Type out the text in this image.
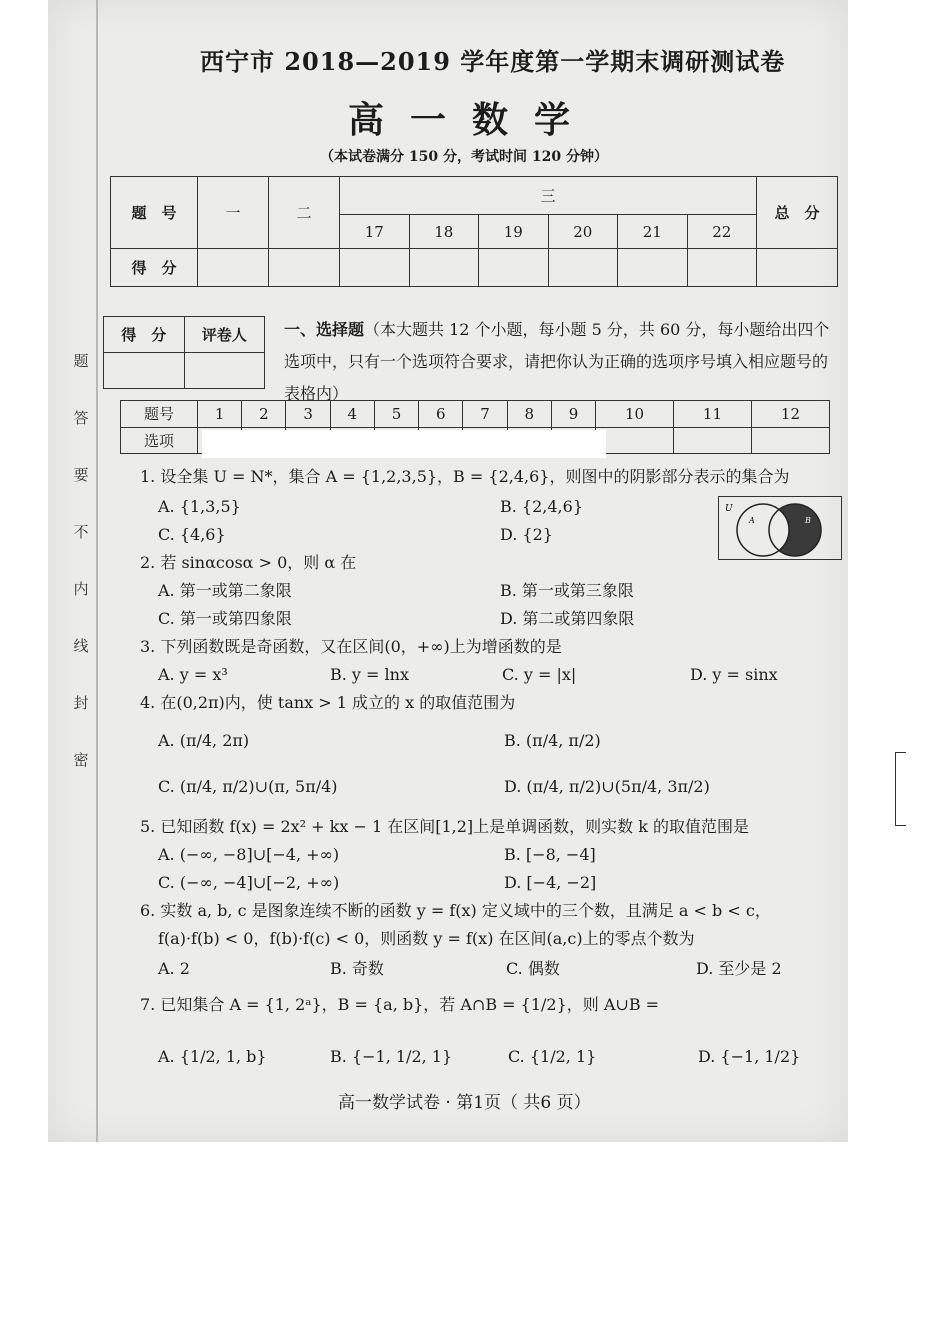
题
答
要
不
内
线
封
密
西宁市 2018—2019 学年度第一学期末调研测试卷
高一数学
（本试卷满分 150 分，考试时间 120 分钟）
题　号	一	二	三						总　分
			17	18	19	20	21	22	
得　分									
得　分	评卷人
	一、选择题（本大题共 12 个小题，每小题 5 分，共 60 分，每小题给出四个选项中，只有一个选项符合要求，请把你认为正确的选项序号填入相应题号的表格内）
题号	1	2	3	4	5	6	7	8	9	10	11	12
选项												
1. 设全集 U = N*，集合 A = {1,2,3,5}，B = {2,4,6}，则图中的阴影部分表示的集合为
A. {1,3,5}	B. {2,4,6}
C. {4,6}	D. {2}
U
A	B
2. 若 sinαcosα > 0，则 α 在
A. 第一或第二象限	B. 第一或第三象限
C. 第一或第四象限	D. 第二或第四象限
3. 下列函数既是奇函数，又在区间(0，+∞)上为增函数的是
A. y = x³	B. y = lnx	C. y = |x|	D. y = sinx
4. 在(0,2π)内，使 tanx > 1 成立的 x 的取值范围为
A. (π/4, 2π)	B. (π/4, π/2)
C. (π/4, π/2)∪(π, 5π/4)	D. (π/4, π/2)∪(5π/4, 3π/2)
5. 已知函数 f(x) = 2x² + kx − 1 在区间[1,2]上是单调函数，则实数 k 的取值范围是
A. (−∞, −8]∪[−4, +∞)	B. [−8, −4]
C. (−∞, −4]∪[−2, +∞)	D. [−4, −2]
6. 实数 a, b, c 是图象连续不断的函数 y = f(x) 定义域中的三个数，且满足 a < b < c，
f(a)·f(b) < 0，f(b)·f(c) < 0，则函数 y = f(x) 在区间(a,c)上的零点个数为
A. 2	B. 奇数	C. 偶数	D. 至少是 2
7. 已知集合 A = {1, 2ᵃ}，B = {a, b}，若 A∩B = {1/2}，则 A∪B =
A. {1/2, 1, b}	B. {−1, 1/2, 1}	C. {1/2, 1}	D. {−1, 1/2}
高一数学试卷 · 第1页（ 共6 页）
